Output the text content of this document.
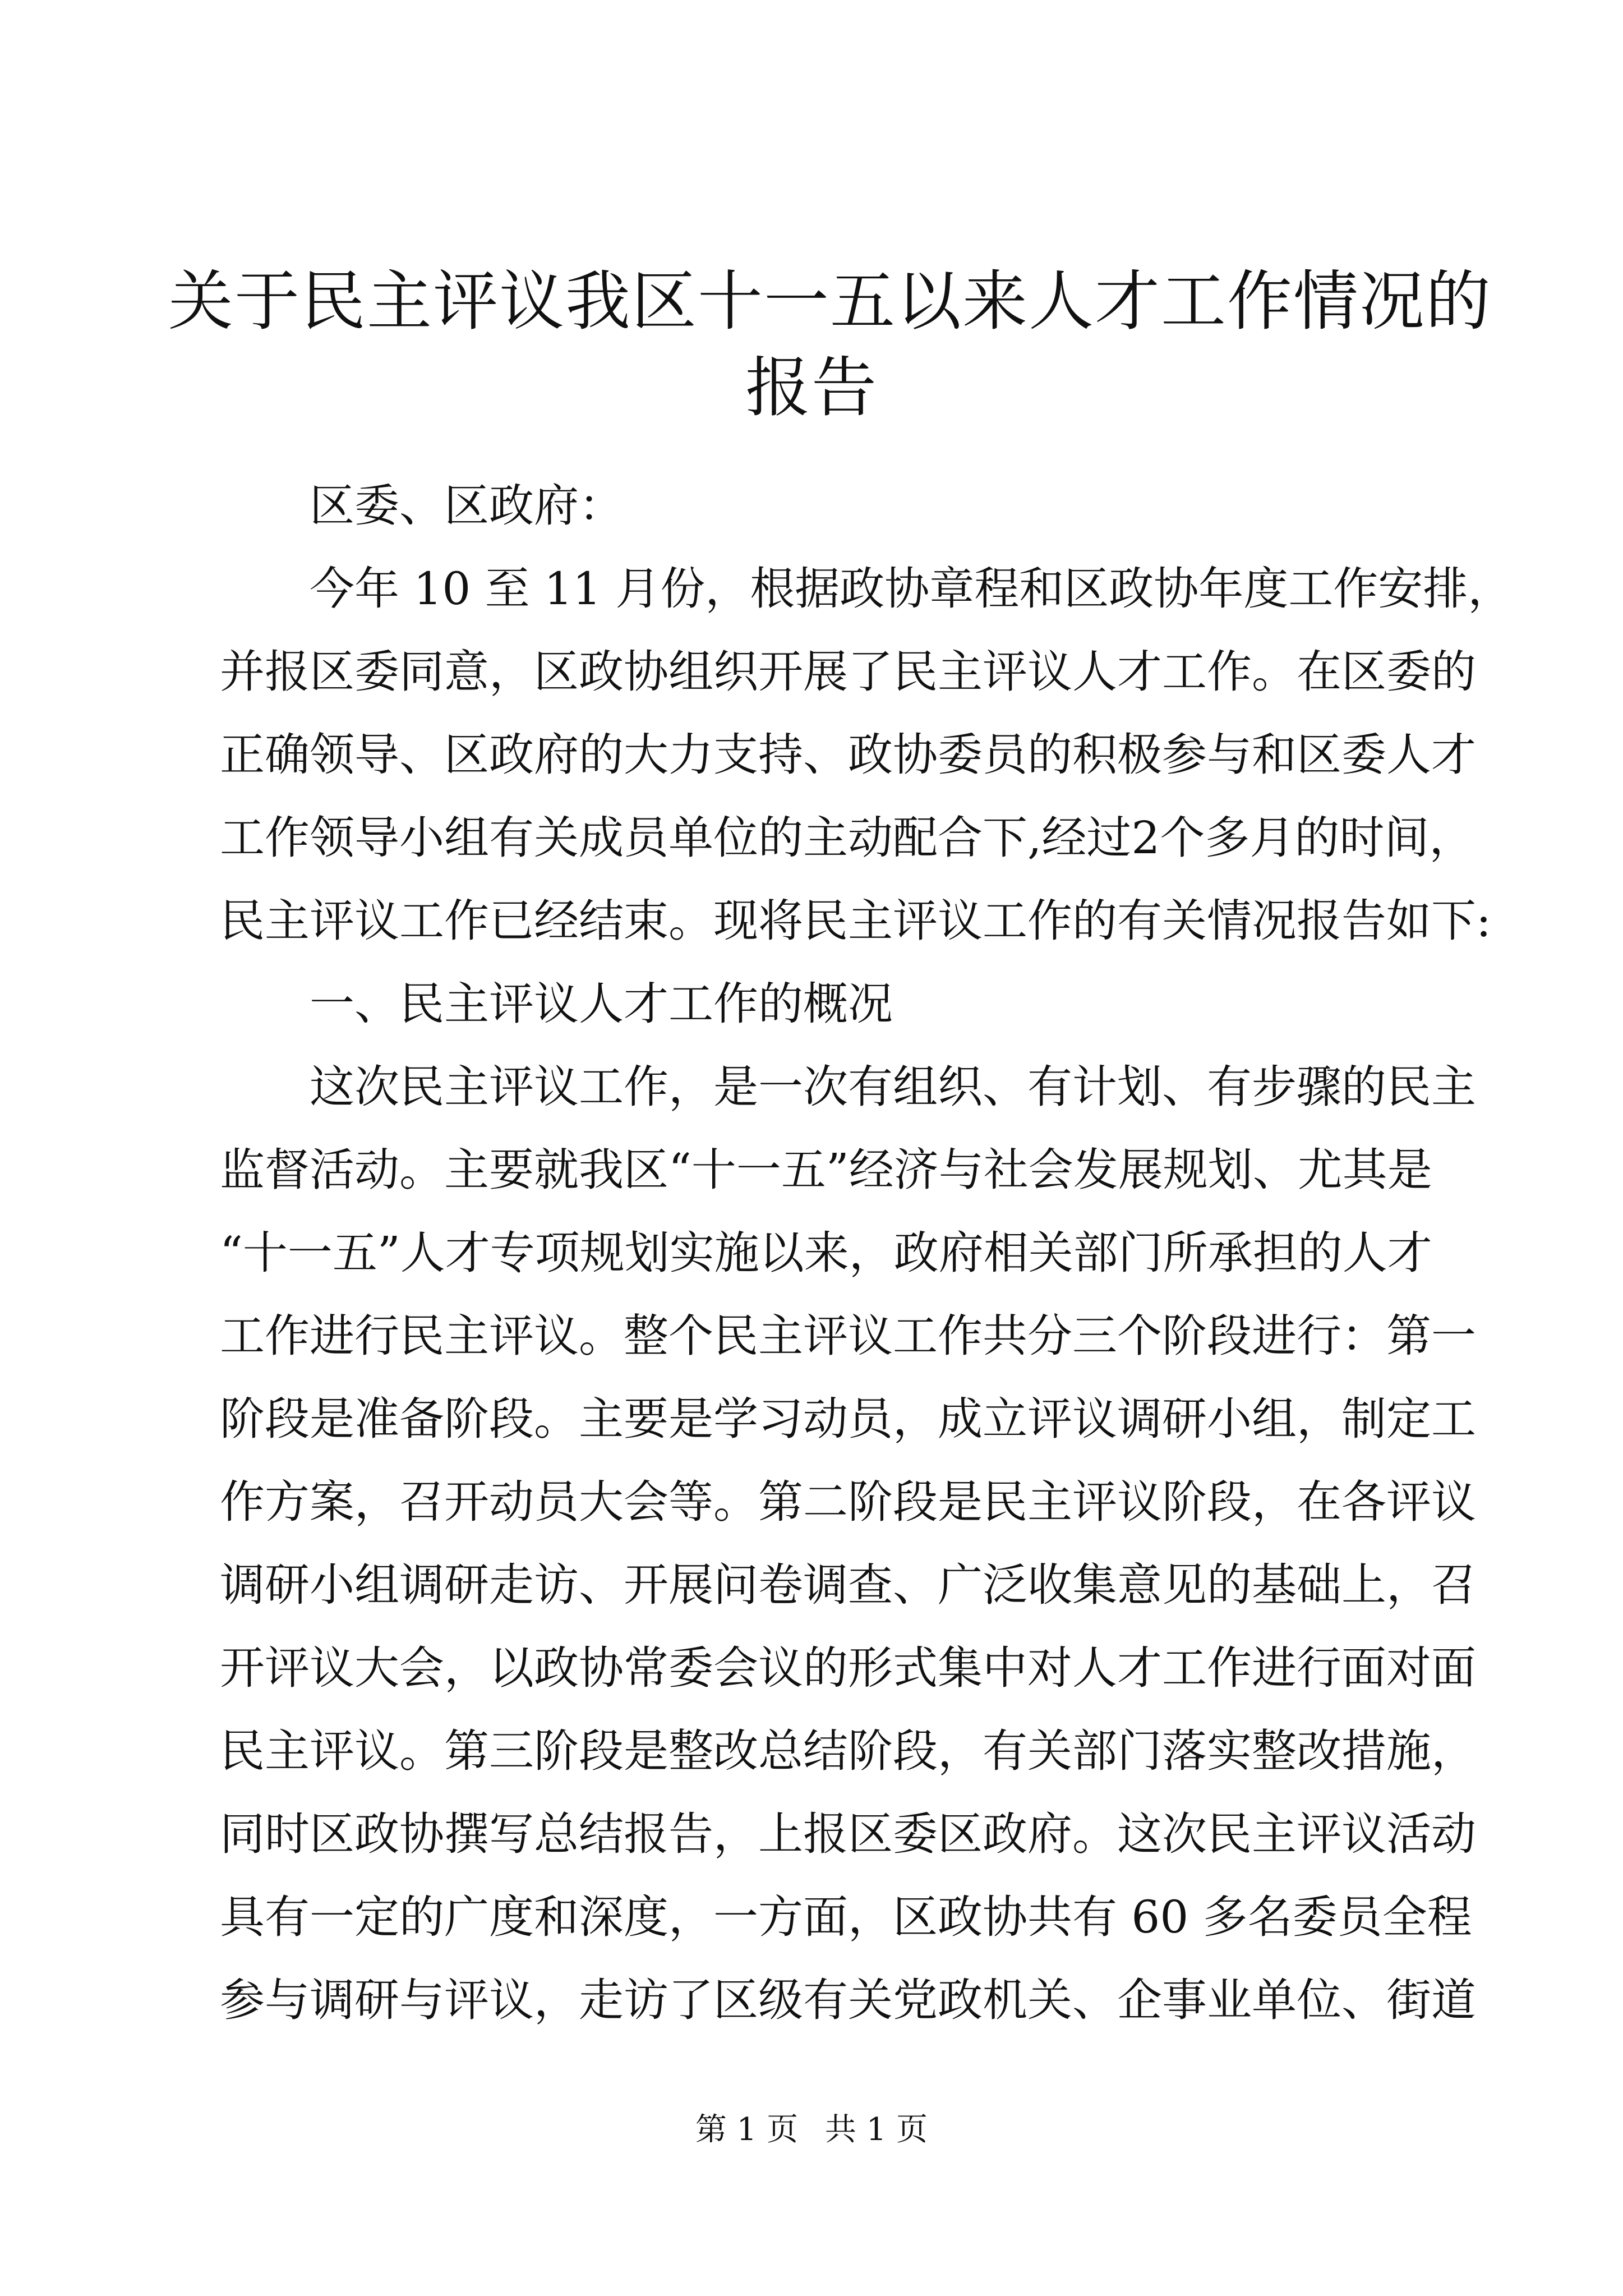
关于民主评议我区十一五以来人才工作情况的
报告
区委、区政府：
今年 10 至 11 月份，根据政协章程和区政协年度工作安排，
并报区委同意，区政协组织开展了民主评议人才工作。在区委的
正确领导、区政府的大力支持、政协委员的积极参与和区委人才
工作领导小组有关成员单位的主动配合下,经过2个多月的时间，
民主评议工作已经结束。现将民主评议工作的有关情况报告如下:
一、民主评议人才工作的概况
这次民主评议工作，是一次有组织、有计划、有步骤的民主
监督活动。主要就我区“十一五”经济与社会发展规划、尤其是
“十一五”人才专项规划实施以来，政府相关部门所承担的人才
工作进行民主评议。整个民主评议工作共分三个阶段进行：第一
阶段是准备阶段。主要是学习动员，成立评议调研小组，制定工
作方案，召开动员大会等。第二阶段是民主评议阶段，在各评议
调研小组调研走访、开展问卷调查、广泛收集意见的基础上，召
开评议大会，以政协常委会议的形式集中对人才工作进行面对面
民主评议。第三阶段是整改总结阶段，有关部门落实整改措施，
同时区政协撰写总结报告，上报区委区政府。这次民主评议活动
具有一定的广度和深度，一方面，区政协共有 60 多名委员全程
参与调研与评议，走访了区级有关党政机关、企事业单位、街道
第 1 页 共 1 页
